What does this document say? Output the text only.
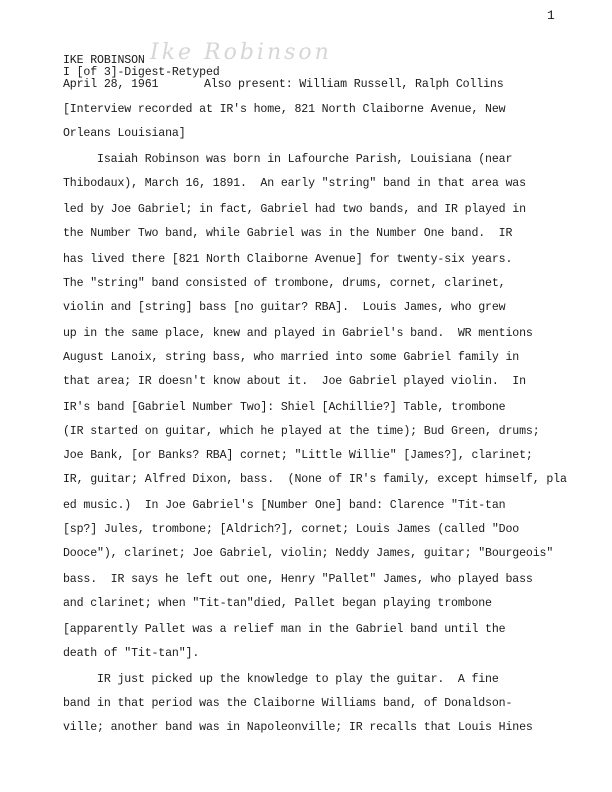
1
Ike Robinson
IKE ROBINSON
I [of 3]-Digest-Retyped
April 28, 1961	Also present: William Russell, Ralph Collins
[Interview recorded at IR's home, 821 North Claiborne Avenue, New
Orleans Louisiana]
Isaiah Robinson was born in Lafourche Parish, Louisiana (near
Thibodaux), March 16, 1891.  An early "string" band in that area was
led by Joe Gabriel; in fact, Gabriel had two bands, and IR played in
the Number Two band, while Gabriel was in the Number One band.  IR
has lived there [821 North Claiborne Avenue] for twenty-six years.
The "string" band consisted of trombone, drums, cornet, clarinet,
violin and [string] bass [no guitar? RBA].  Louis James, who grew
up in the same place, knew and played in Gabriel's band.  WR mentions
August Lanoix, string bass, who married into some Gabriel family in
that area; IR doesn't know about it.  Joe Gabriel played violin.  In
IR's band [Gabriel Number Two]: Shiel [Achillie?] Table, trombone
(IR started on guitar, which he played at the time); Bud Green, drums;
Joe Bank, [or Banks? RBA] cornet; "Little Willie" [James?], clarinet;
IR, guitar; Alfred Dixon, bass.  (None of IR's family, except himself, pla
ed music.)  In Joe Gabriel's [Number One] band: Clarence "Tit-tan
[sp?] Jules, trombone; [Aldrich?], cornet; Louis James (called "Doo
Dooce"), clarinet; Joe Gabriel, violin; Neddy James, guitar; "Bourgeois"
bass.  IR says he left out one, Henry "Pallet" James, who played bass
and clarinet; when "Tit-tan"died, Pallet began playing trombone
[apparently Pallet was a relief man in the Gabriel band until the
death of "Tit-tan"].
IR just picked up the knowledge to play the guitar.  A fine
band in that period was the Claiborne Williams band, of Donaldson-
ville; another band was in Napoleonville; IR recalls that Louis Hines
